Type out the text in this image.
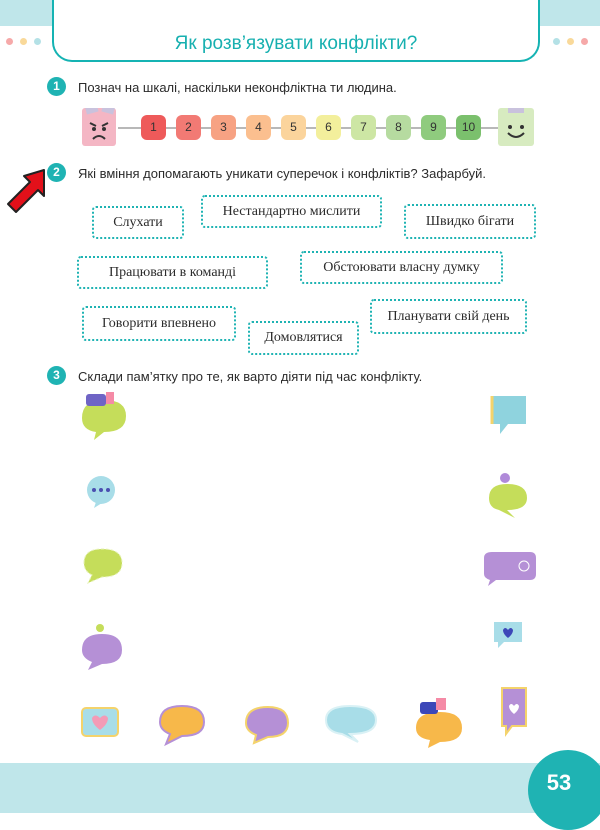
Як розв’язувати конфлікти?
1	Познач на шкалі, наскільки неконфліктна ти людина.
1	2	3	4	5	6	7	8	9	10
2	Які вміння допомагають уникати суперечок і конфліктів? Зафарбуй.
Слухати
Нестандартно мислити
Швидко бігати
Працювати в команді	Обстоювати власну думку
Говорити впевнено
Домовлятися
Планувати свій день
3	Склади пам’ятку про те, як варто діяти під час конфлікту.
53
